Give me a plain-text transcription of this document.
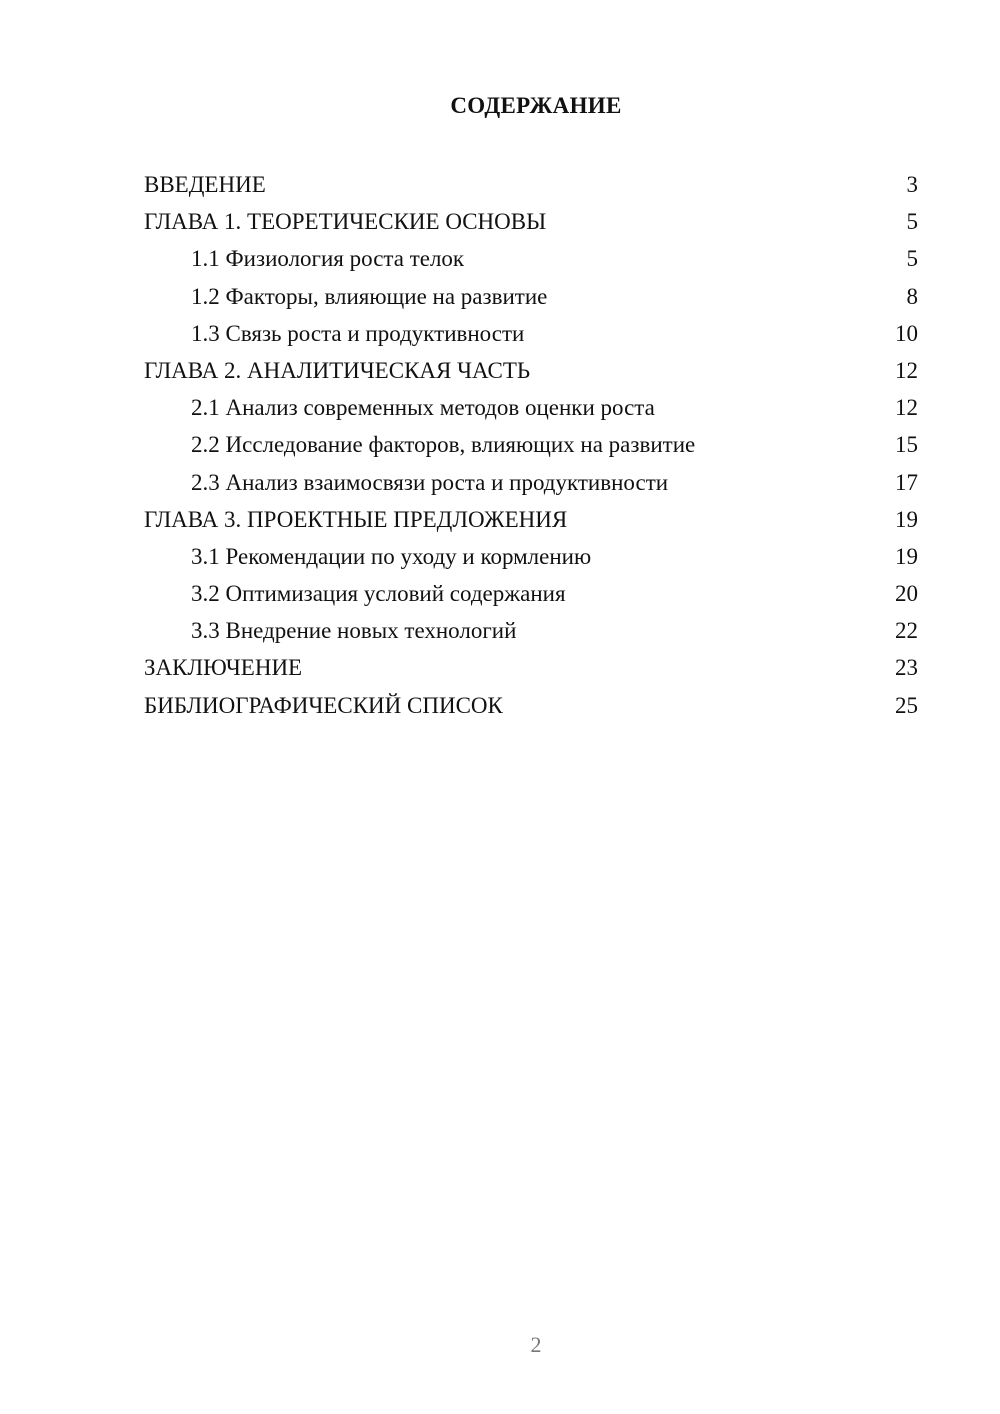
СОДЕРЖАНИЕ
ВВЕДЕНИЕ	3
ГЛАВА 1. ТЕОРЕТИЧЕСКИЕ ОСНОВЫ	5
1.1 Физиология роста телок	5
1.2 Факторы, влияющие на развитие	8
1.3 Связь роста и продуктивности	10
ГЛАВА 2. АНАЛИТИЧЕСКАЯ ЧАСТЬ	12
2.1 Анализ современных методов оценки роста	12
2.2 Исследование факторов, влияющих на развитие	15
2.3 Анализ взаимосвязи роста и продуктивности	17
ГЛАВА 3. ПРОЕКТНЫЕ ПРЕДЛОЖЕНИЯ	19
3.1 Рекомендации по уходу и кормлению	19
3.2 Оптимизация условий содержания	20
3.3 Внедрение новых технологий	22
ЗАКЛЮЧЕНИЕ	23
БИБЛИОГРАФИЧЕСКИЙ СПИСОК	25
2
